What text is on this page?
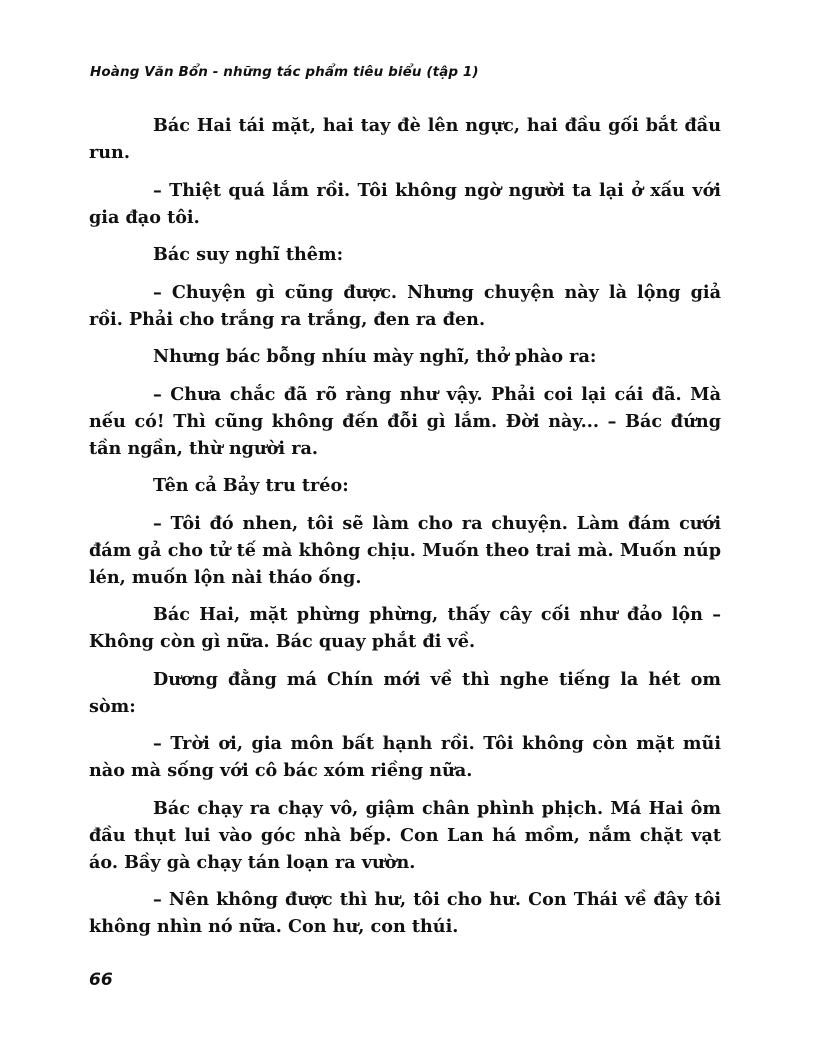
Hoàng Văn Bổn - những tác phẩm tiêu biểu (tập 1)

Bác Hai tái mặt, hai tay đè lên ngực, hai đầu gối bắt đầu run.

– Thiệt quá lắm rồi. Tôi không ngờ người ta lại ở xấu với gia đạo tôi.

Bác suy nghĩ thêm:

– Chuyện gì cũng được. Nhưng chuyện này là lộng giả rồi. Phải cho trắng ra trắng, đen ra đen.

Nhưng bác bỗng nhíu mày nghĩ, thở phào ra:

– Chưa chắc đã rõ ràng như vậy. Phải coi lại cái đã. Mà nếu có! Thì cũng không đến đỗi gì lắm. Đời này... – Bác đứng tần ngần, thừ người ra.

Tên cả Bảy tru tréo:

– Tôi đó nhen, tôi sẽ làm cho ra chuyện. Làm đám cưới đám gả cho tử tế mà không chịu. Muốn theo trai mà. Muốn núp lén, muốn lộn nài tháo ống.

Bác Hai, mặt phừng phừng, thấy cây cối như đảo lộn – Không còn gì nữa. Bác quay phắt đi về.

Dương đằng má Chín mới về thì nghe tiếng la hét om sòm:

– Trời ơi, gia môn bất hạnh rồi. Tôi không còn mặt mũi nào mà sống với cô bác xóm riềng nữa.

Bác chạy ra chạy vô, giậm chân phình phịch. Má Hai ôm đầu thụt lui vào góc nhà bếp. Con Lan há mồm, nắm chặt vạt áo. Bầy gà chạy tán loạn ra vườn.

– Nên không được thì hư, tôi cho hư. Con Thái về đây tôi không nhìn nó nữa. Con hư, con thúi.

66
